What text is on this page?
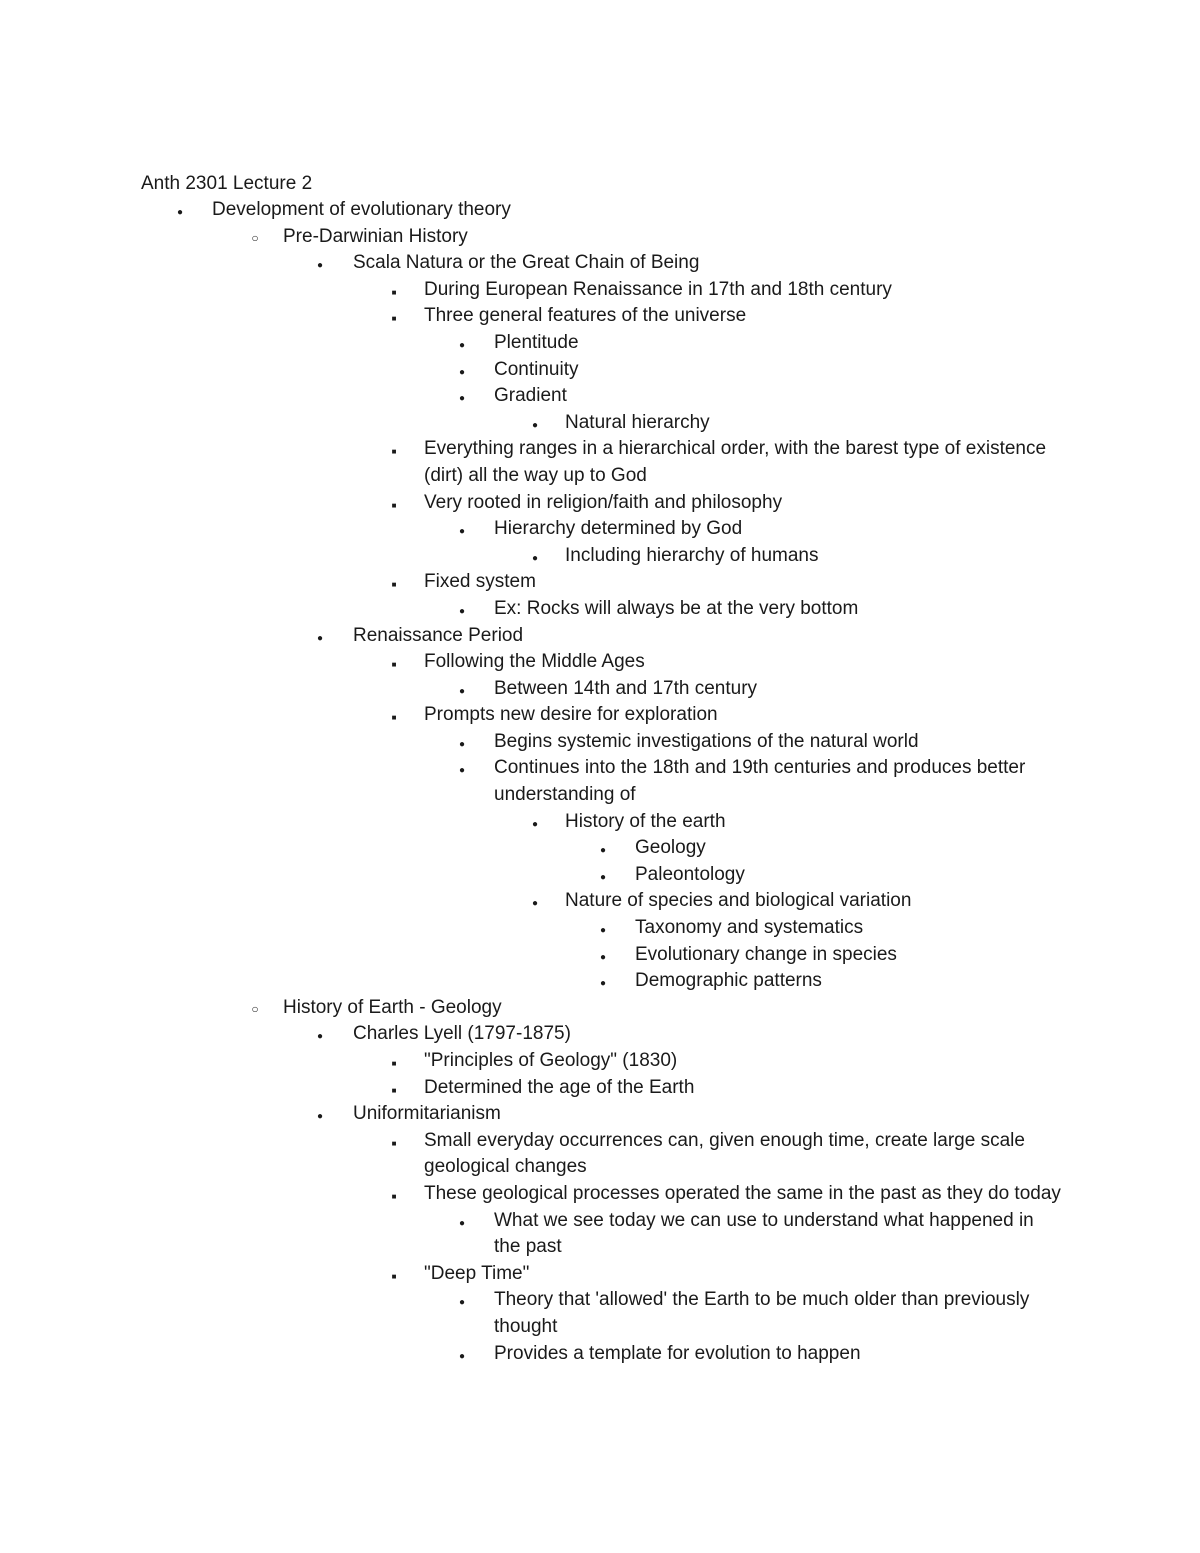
Anth 2301 Lecture 2
●
Development of evolutionary theory
○
Pre-Darwinian History
●
Scala Natura or the Great Chain of Being
■
During European Renaissance in 17th and 18th century
■
Three general features of the universe
●
Plentitude
●
Continuity
●
Gradient
●
Natural hierarchy
■
Everything ranges in a hierarchical order, with the barest type of existence (dirt) all the way up to God
■
Very rooted in religion/faith and philosophy
●
Hierarchy determined by God
●
Including hierarchy of humans
■
Fixed system
●
Ex: Rocks will always be at the very bottom
●
Renaissance Period
■
Following the Middle Ages
●
Between 14th and 17th century
■
Prompts new desire for exploration
●
Begins systemic investigations of the natural world
●
Continues into the 18th and 19th centuries and produces better understanding of
●
History of the earth
●
Geology
●
Paleontology
●
Nature of species and biological variation
●
Taxonomy and systematics
●
Evolutionary change in species
●
Demographic patterns
○
History of Earth - Geology
●
Charles Lyell (1797-1875)
■
"Principles of Geology" (1830)
■
Determined the age of the Earth
●
Uniformitarianism
■
Small everyday occurrences can, given enough time, create large scale geological changes
■
These geological processes operated the same in the past as they do today
●
What we see today we can use to understand what happened in the past
■
"Deep Time"
●
Theory that 'allowed' the Earth to be much older than previously thought
●
Provides a template for evolution to happen
